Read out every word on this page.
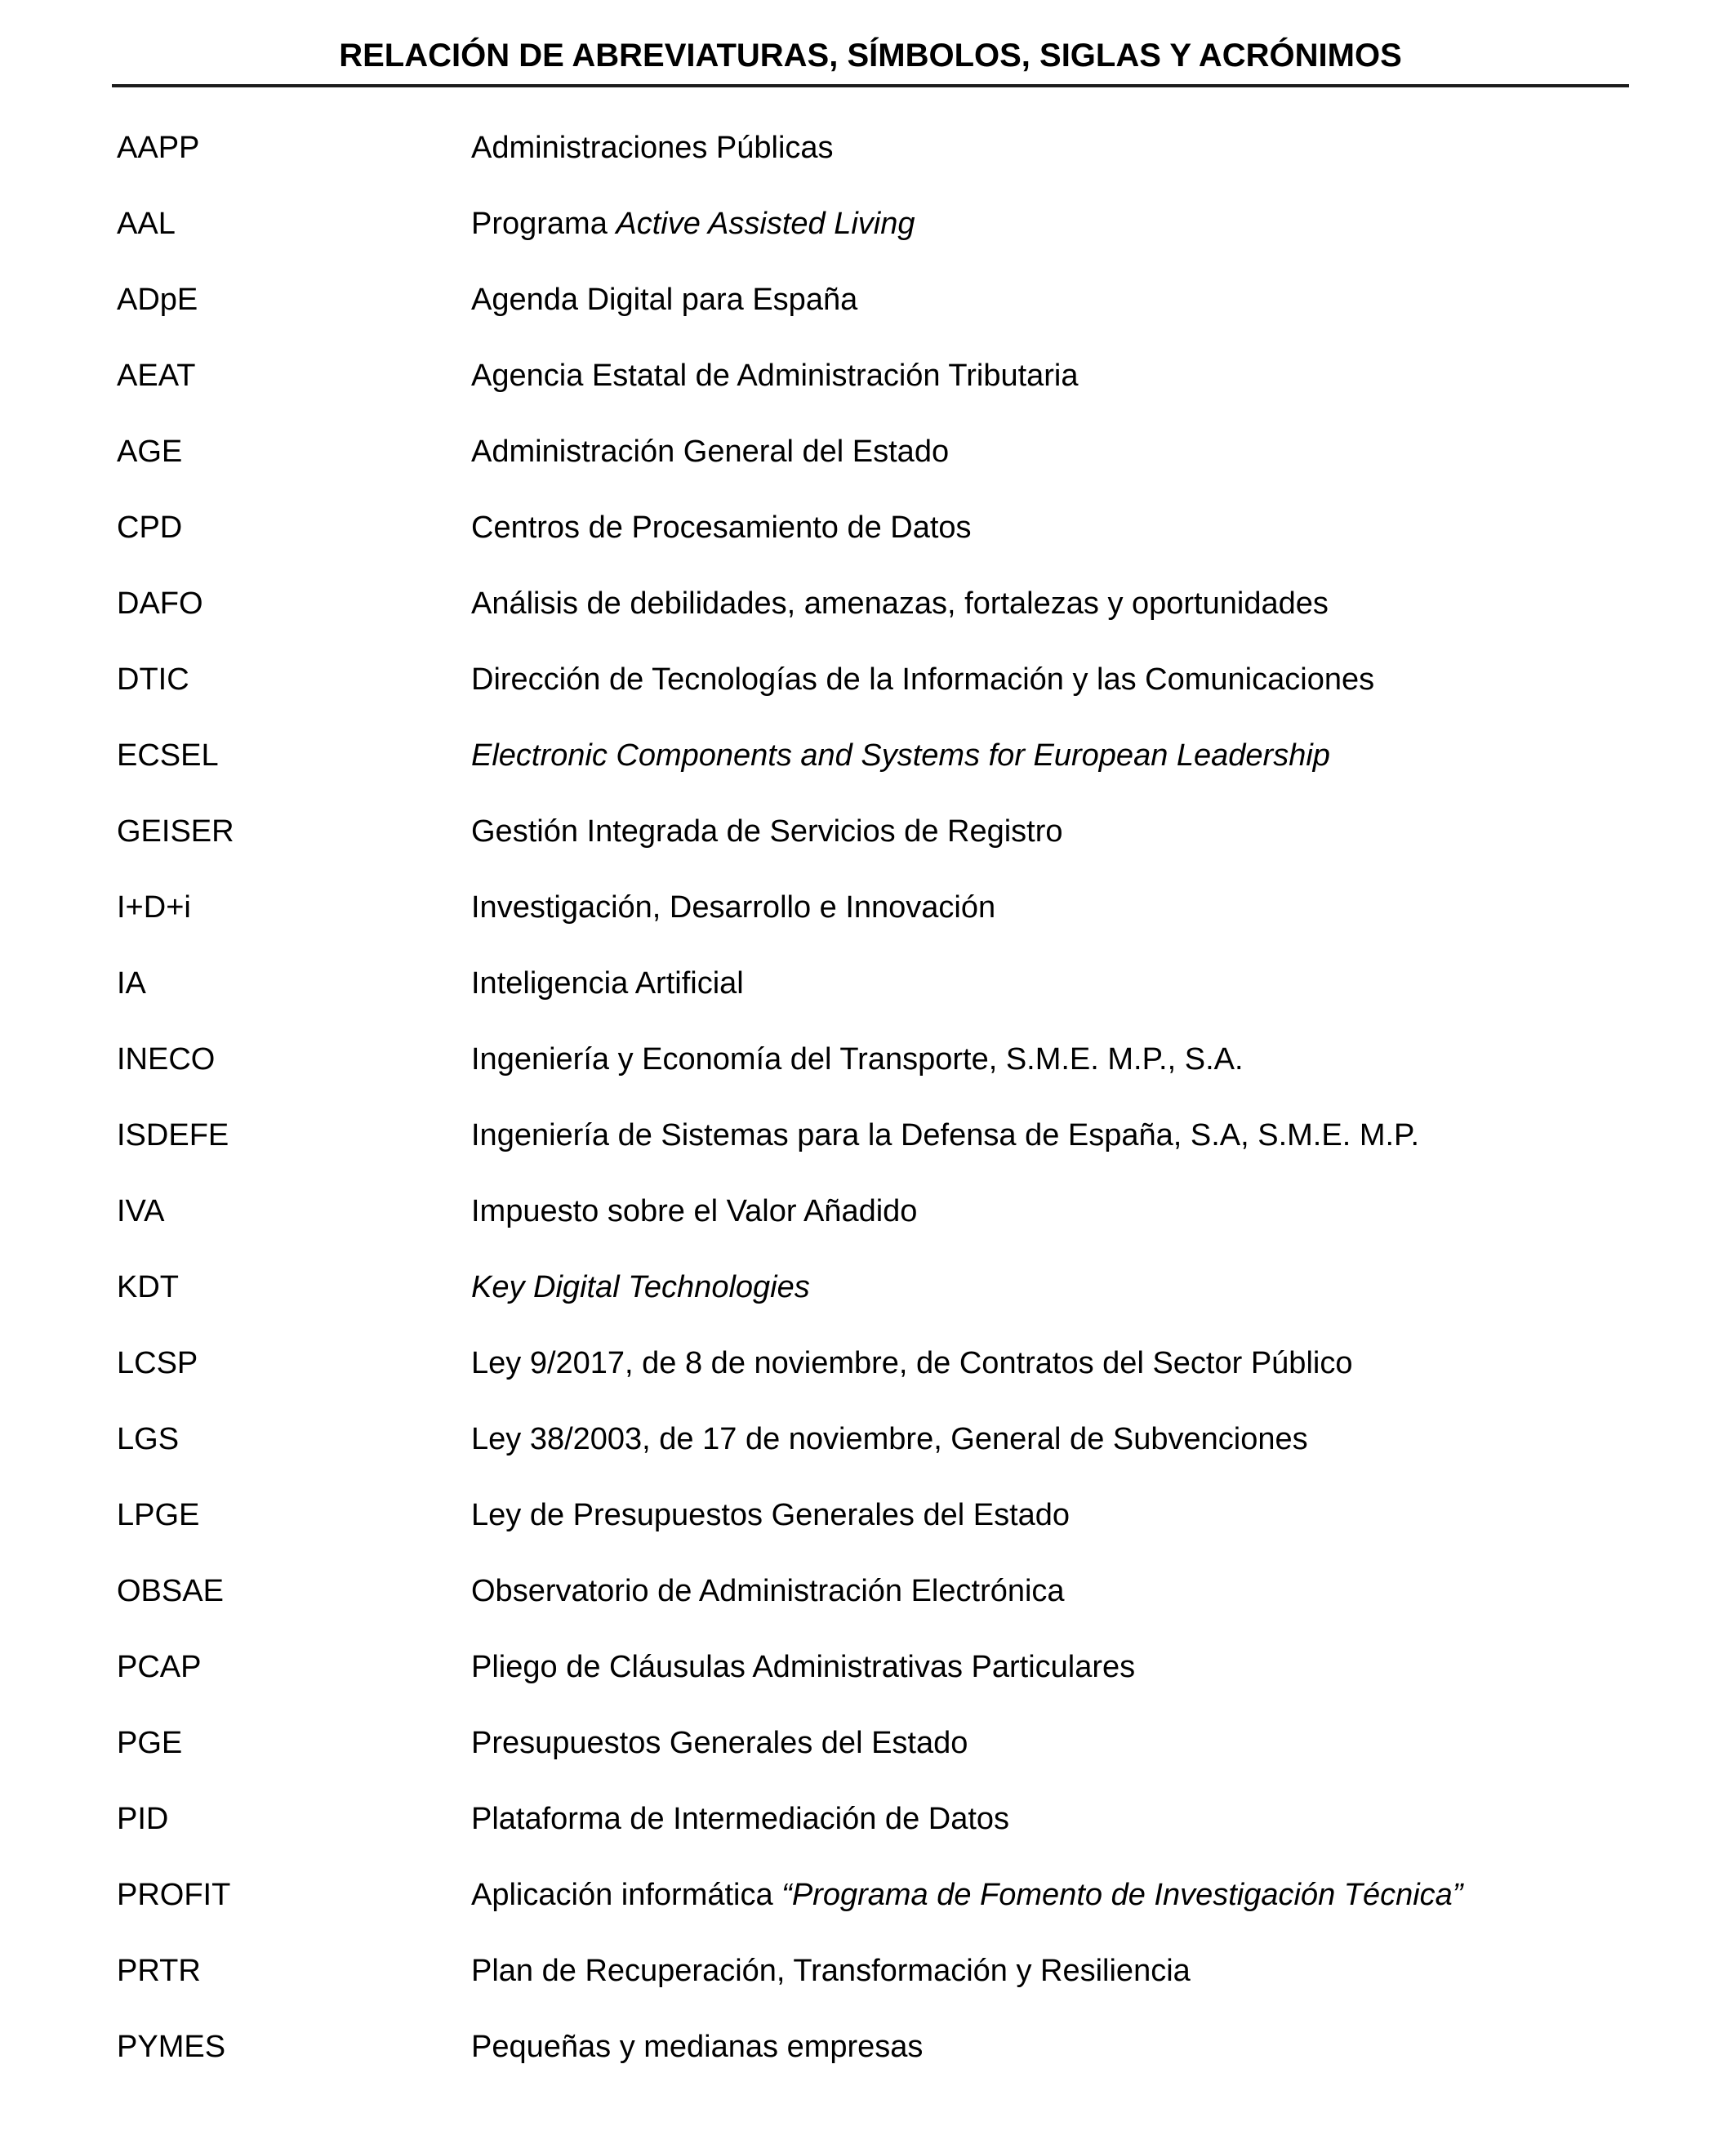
RELACIÓN DE ABREVIATURAS, SÍMBOLOS, SIGLAS Y ACRÓNIMOS
AAPP	Administraciones Públicas
AAL	Programa Active Assisted Living
ADpE	Agenda Digital para España
AEAT	Agencia Estatal de Administración Tributaria
AGE	Administración General del Estado
CPD	Centros de Procesamiento de Datos
DAFO	Análisis de debilidades, amenazas, fortalezas y oportunidades
DTIC	Dirección de Tecnologías de la Información y las Comunicaciones
ECSEL	Electronic Components and Systems for European Leadership
GEISER	Gestión Integrada de Servicios de Registro
I+D+i	Investigación, Desarrollo e Innovación
IA	Inteligencia Artificial
INECO	Ingeniería y Economía del Transporte, S.M.E. M.P., S.A.
ISDEFE	Ingeniería de Sistemas para la Defensa de España, S.A, S.M.E. M.P.
IVA	Impuesto sobre el Valor Añadido
KDT	Key Digital Technologies
LCSP	Ley 9/2017, de 8 de noviembre, de Contratos del Sector Público
LGS	Ley 38/2003, de 17 de noviembre, General de Subvenciones
LPGE	Ley de Presupuestos Generales del Estado
OBSAE	Observatorio de Administración Electrónica
PCAP	Pliego de Cláusulas Administrativas Particulares
PGE	Presupuestos Generales del Estado
PID	Plataforma de Intermediación de Datos
PROFIT	Aplicación informática “Programa de Fomento de Investigación Técnica”
PRTR	Plan de Recuperación, Transformación y Resiliencia
PYMES	Pequeñas y medianas empresas
